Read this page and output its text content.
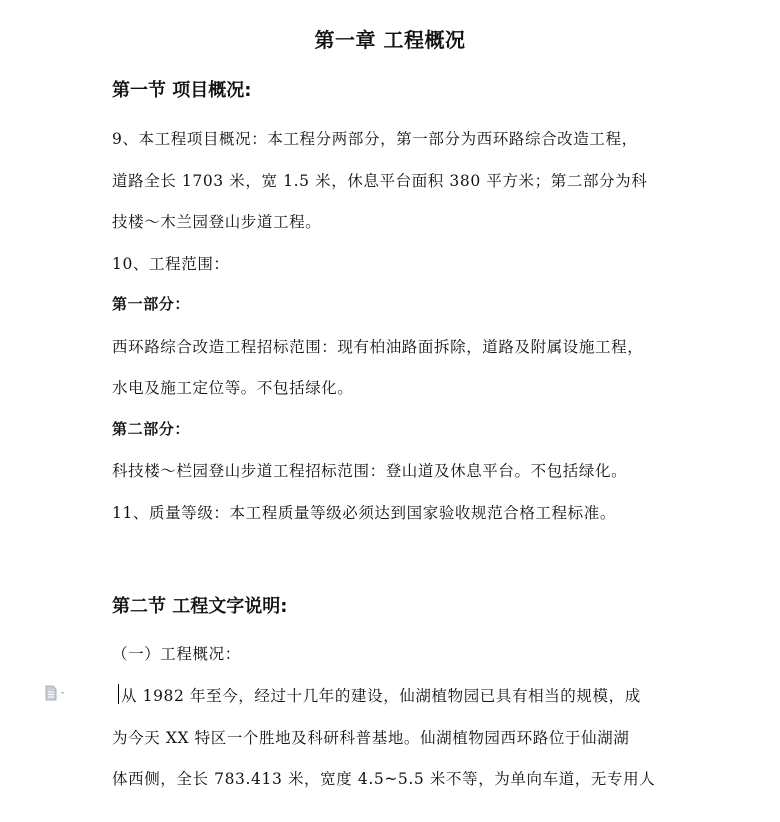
第一章 工程概况
第一节 项目概况:
9、本工程项目概况：本工程分两部分，第一部分为西环路综合改造工程，
道路全长 1703 米，宽 1.5 米，休息平台面积 380 平方米；第二部分为科
技楼～木兰园登山步道工程。
10、工程范围：
第一部分：
西环路综合改造工程招标范围：现有柏油路面拆除，道路及附属设施工程，
水电及施工定位等。不包括绿化。
第二部分：
科技楼～栏园登山步道工程招标范围：登山道及休息平台。不包括绿化。
11、质量等级：本工程质量等级必须达到国家验收规范合格工程标准。
第二节 工程文字说明:
（一）工程概况：
从 1982 年至今，经过十几年的建设，仙湖植物园已具有相当的规模，成
为今天 XX 特区一个胜地及科研科普基地。仙湖植物园西环路位于仙湖湖
体西侧，全长 783.413 米，宽度 4.5~5.5 米不等，为单向车道，无专用人
